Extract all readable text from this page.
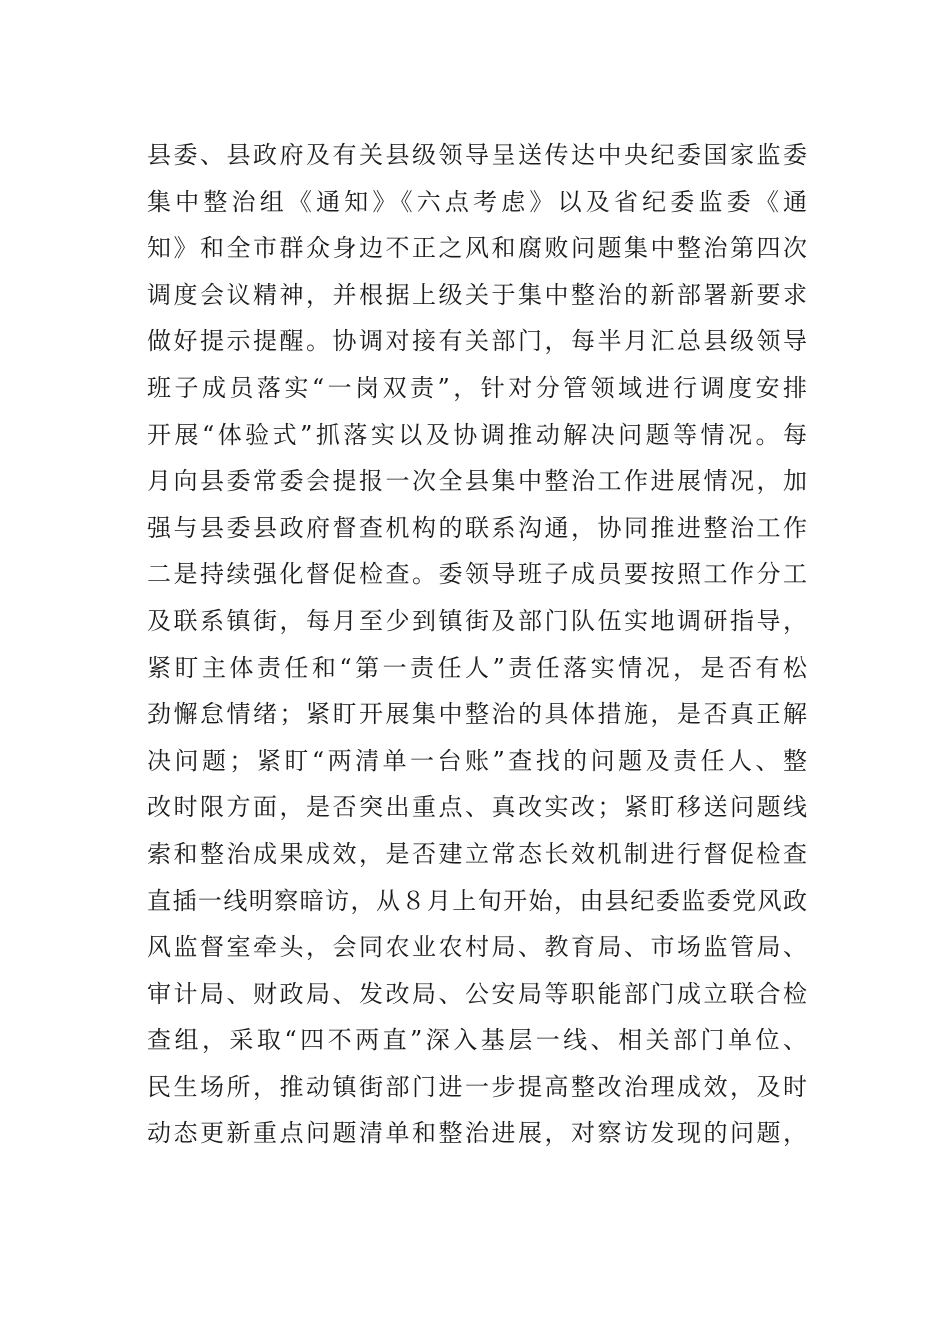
县委、县政府及有关县级领导呈送传达中央纪委国家监委
集中整治组《通知》《六点考虑》以及省纪委监委《通
知》和全市群众身边不正之风和腐败问题集中整治第四次
调度会议精神，并根据上级关于集中整治的新部署新要求
做好提示提醒。协调对接有关部门，每半月汇总县级领导
班子成员落实“一岗双责”，针对分管领域进行调度安排
开展“体验式”抓落实以及协调推动解决问题等情况。每
月向县委常委会提报一次全县集中整治工作进展情况，加
强与县委县政府督查机构的联系沟通，协同推进整治工作
二是持续强化督促检查。委领导班子成员要按照工作分工
及联系镇街，每月至少到镇街及部门队伍实地调研指导，
紧盯主体责任和“第一责任人”责任落实情况，是否有松
劲懈怠情绪；紧盯开展集中整治的具体措施，是否真正解
决问题；紧盯“两清单一台账”查找的问题及责任人、整
改时限方面，是否突出重点、真改实改；紧盯移送问题线
索和整治成果成效，是否建立常态长效机制进行督促检查
直插一线明察暗访，从８月上旬开始，由县纪委监委党风政
风监督室牵头，会同农业农村局、教育局、市场监管局、
审计局、财政局、发改局、公安局等职能部门成立联合检
查组，采取“四不两直”深入基层一线、相关部门单位、
民生场所，推动镇街部门进一步提高整改治理成效，及时
动态更新重点问题清单和整治进展，对察访发现的问题，
